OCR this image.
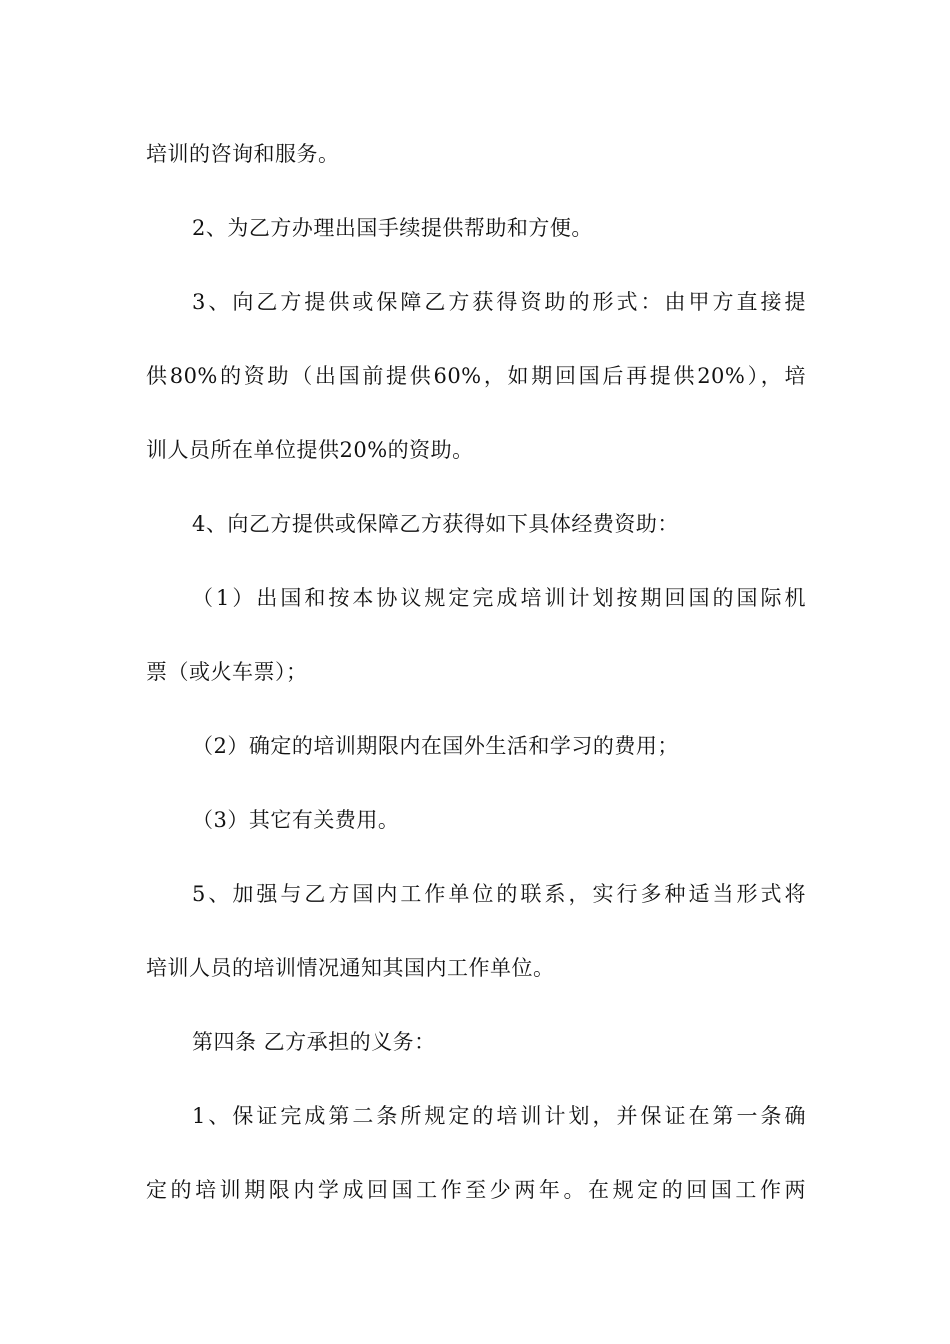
培训的咨询和服务。
2、为乙方办理出国手续提供帮助和方便。
3、向乙方提供或保障乙方获得资助的形式：由甲方直接提
供80%的资助（出国前提供60%，如期回国后再提供20%），培
训人员所在单位提供20%的资助。
4、向乙方提供或保障乙方获得如下具体经费资助：
（1）出国和按本协议规定完成培训计划按期回国的国际机
票（或火车票）；
（2）确定的培训期限内在国外生活和学习的费用；
（3）其它有关费用。
5、加强与乙方国内工作单位的联系，实行多种适当形式将
培训人员的培训情况通知其国内工作单位。
第四条 乙方承担的义务：
1、保证完成第二条所规定的培训计划，并保证在第一条确
定的培训期限内学成回国工作至少两年。在规定的回国工作两
